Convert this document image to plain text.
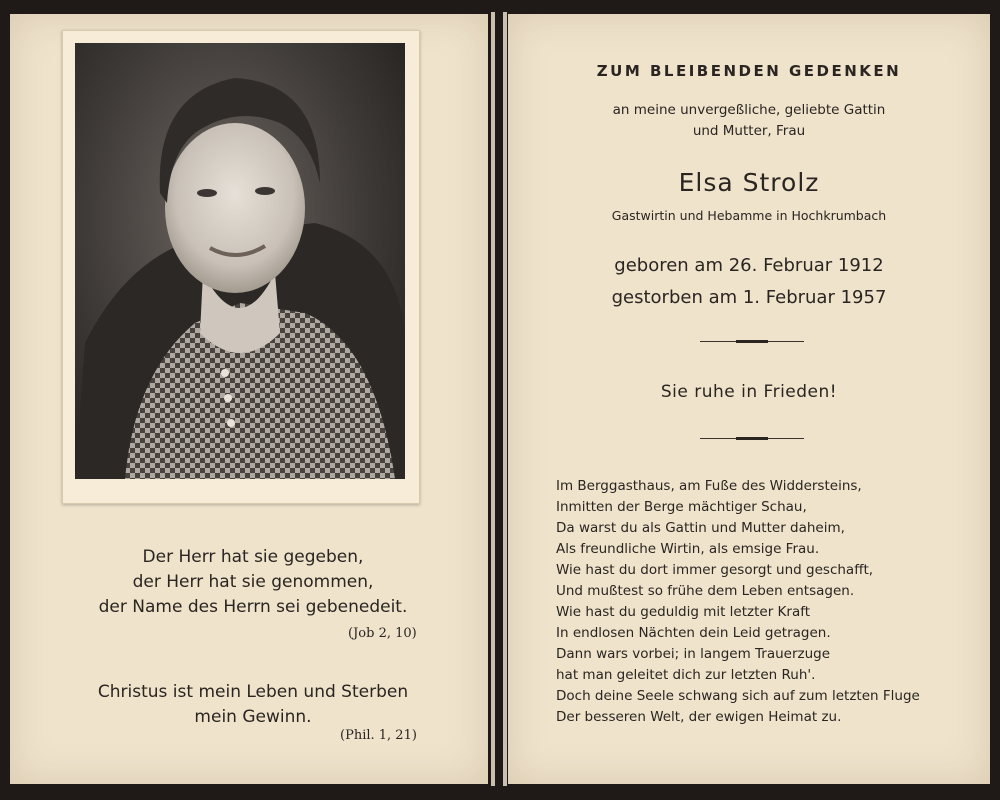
Der Herr hat sie gegeben,
der Herr hat sie genommen,
der Name des Herrn sei gebenedeit.
(Job 2, 10)
Christus ist mein Leben und Sterben
mein Gewinn.
(Phil. 1, 21)
ZUM BLEIBENDEN GEDENKEN
an meine unvergeßliche, geliebte Gattin
und Mutter, Frau
Elsa Strolz
Gastwirtin und Hebamme in Hochkrumbach
geboren am 26. Februar 1912
gestorben am 1. Februar 1957
Sie ruhe in Frieden!
Im Berggasthaus, am Fuße des Widdersteins,
Inmitten der Berge mächtiger Schau,
Da warst du als Gattin und Mutter daheim,
Als freundliche Wirtin, als emsige Frau.
Wie hast du dort immer gesorgt und geschafft,
Und mußtest so frühe dem Leben entsagen.
Wie hast du geduldig mit letzter Kraft
In endlosen Nächten dein Leid getragen.
Dann wars vorbei; in langem Trauerzuge
hat man geleitet dich zur letzten Ruh'.
Doch deine Seele schwang sich auf zum letzten Fluge
Der besseren Welt, der ewigen Heimat zu.
